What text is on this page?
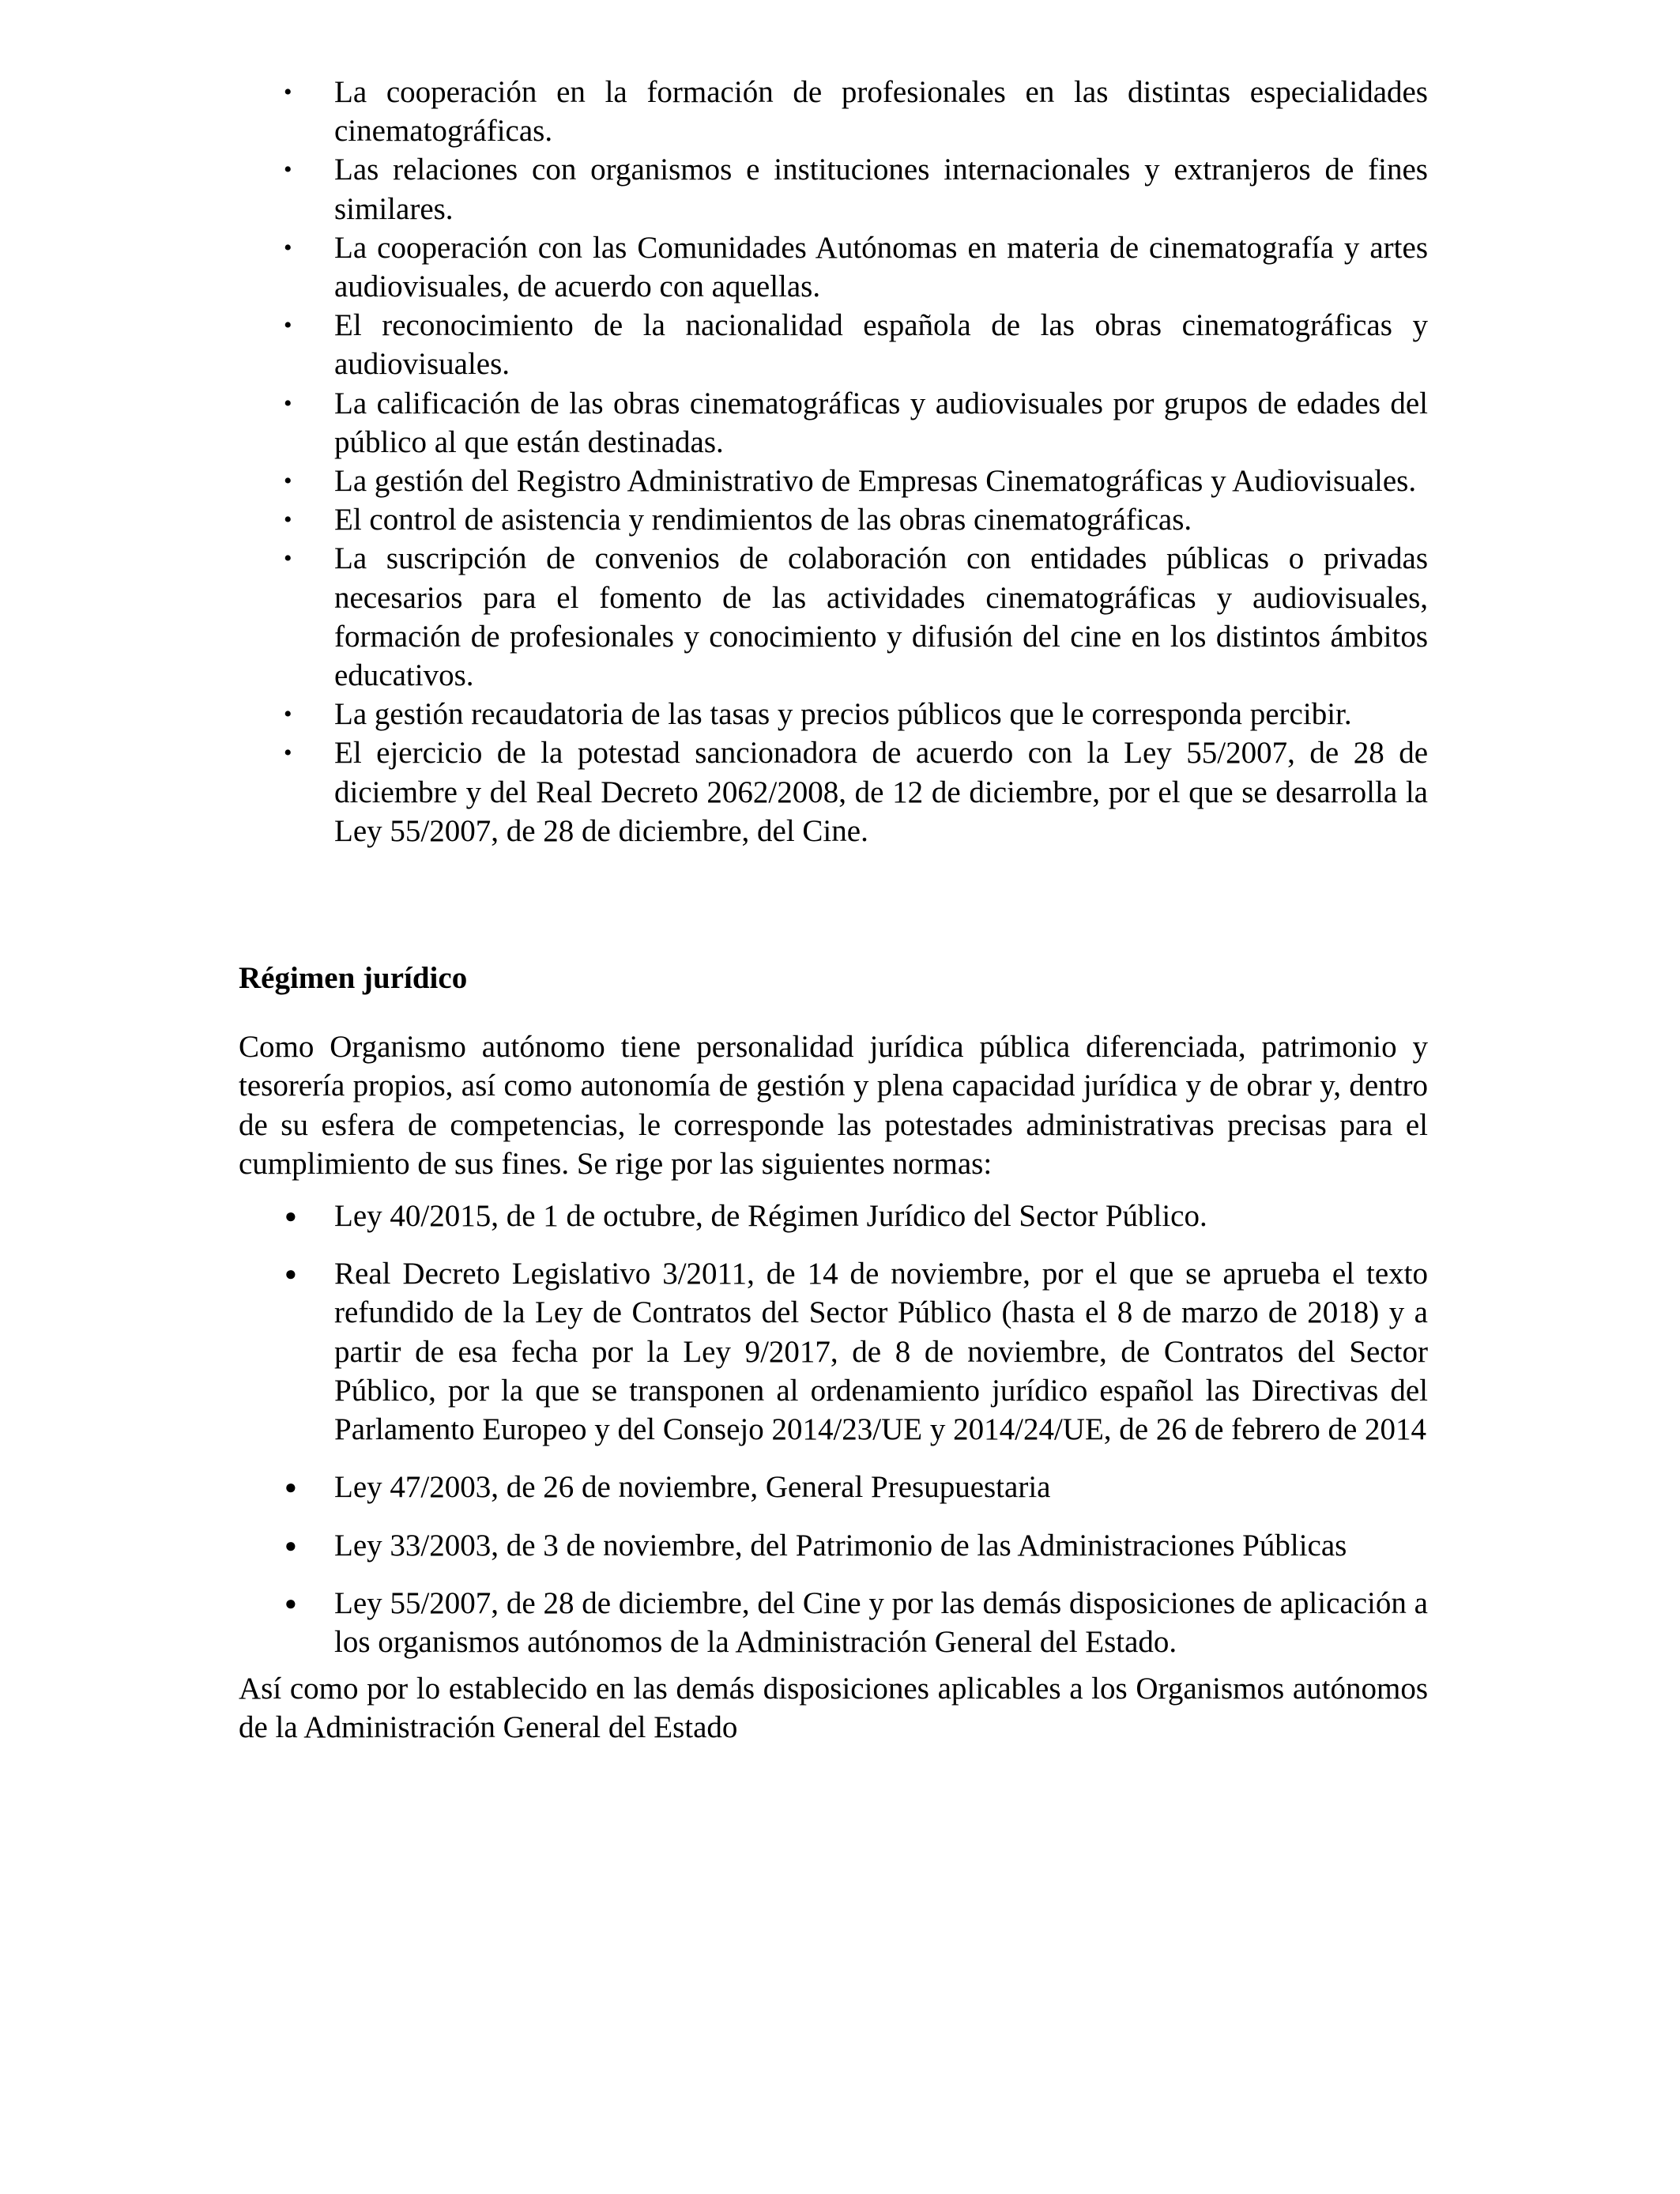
• La cooperación en la formación de profesionales en las distintas especialidades cinematográficas.
• Las relaciones con organismos e instituciones internacionales y extranjeros de fines similares.
• La cooperación con las Comunidades Autónomas en materia de cinematografía y artes audiovisuales, de acuerdo con aquellas.
• El reconocimiento de la nacionalidad española de las obras cinematográficas y audiovisuales.
• La calificación de las obras cinematográficas y audiovisuales por grupos de edades del público al que están destinadas.
• La gestión del Registro Administrativo de Empresas Cinematográficas y Audiovisuales.
• El control de asistencia y rendimientos de las obras cinematográficas.
• La suscripción de convenios de colaboración con entidades públicas o privadas necesarios para el fomento de las actividades cinematográficas y audiovisuales, formación de profesionales y conocimiento y difusión del cine en los distintos ámbitos educativos.
• La gestión recaudatoria de las tasas y precios públicos que le corresponda percibir.
• El ejercicio de la potestad sancionadora de acuerdo con la Ley 55/2007, de 28 de diciembre y del Real Decreto 2062/2008, de 12 de diciembre, por el que se desarrolla la Ley 55/2007, de 28 de diciembre, del Cine.
Régimen jurídico

Como Organismo autónomo tiene personalidad jurídica pública diferenciada, patrimonio y tesorería propios, así como autonomía de gestión y plena capacidad jurídica y de obrar y, dentro de su esfera de competencias, le corresponde las potestades administrativas precisas para el cumplimiento de sus fines. Se rige por las siguientes normas:

● Ley 40/2015, de 1 de octubre, de Régimen Jurídico del Sector Público.
● Real Decreto Legislativo 3/2011, de 14 de noviembre, por el que se aprueba el texto refundido de la Ley de Contratos del Sector Público (hasta el 8 de marzo de 2018) y a partir de esa fecha por la Ley 9/2017, de 8 de noviembre, de Contratos del Sector Público, por la que se transponen al ordenamiento jurídico español las Directivas del Parlamento Europeo y del Consejo 2014/23/UE y 2014/24/UE, de 26 de febrero de 2014
● Ley 47/2003, de 26 de noviembre, General Presupuestaria
● Ley 33/2003, de 3 de noviembre, del Patrimonio de las Administraciones Públicas
● Ley 55/2007, de 28 de diciembre, del Cine y por las demás disposiciones de aplicación a los organismos autónomos de la Administración General del Estado.

Así como por lo establecido en las demás disposiciones aplicables a los Organismos autónomos de la Administración General del Estado
